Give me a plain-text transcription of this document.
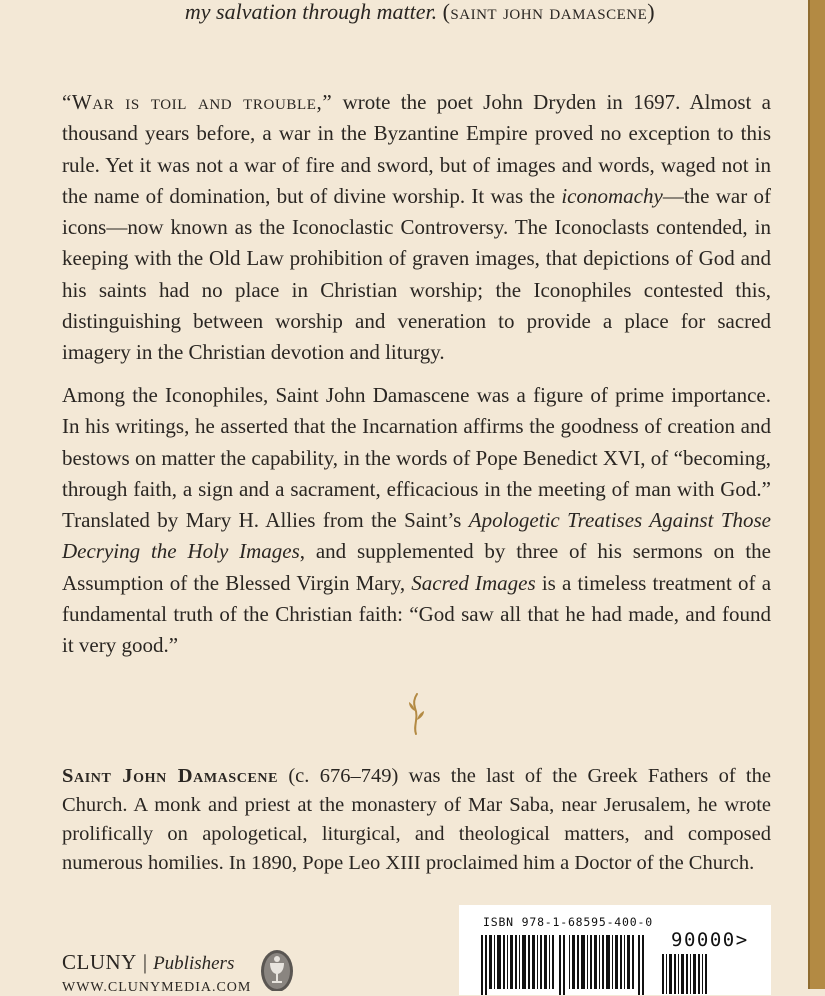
my salvation through matter. (saint john damascene)

“War is toil and trouble,” wrote the poet John Dryden in 1697. Almost a thousand years before, a war in the Byzantine Empire proved no exception to this rule. Yet it was not a war of fire and sword, but of images and words, waged not in the name of domination, but of divine worship. It was the iconomachy—the war of icons—now known as the Iconoclastic Controversy. The Iconoclasts contended, in keeping with the Old Law prohibition of graven images, that depictions of God and his saints had no place in Christian worship; the Iconophiles contested this, distinguishing between worship and veneration to provide a place for sacred imagery in the Christian devotion and liturgy.

Among the Iconophiles, Saint John Damascene was a figure of prime importance. In his writings, he asserted that the Incarnation affirms the goodness of creation and bestows on matter the capability, in the words of Pope Benedict XVI, of “becoming, through faith, a sign and a sacrament, efficacious in the meeting of man with God.” Translated by Mary H. Allies from the Saint’s Apologetic Treatises Against Those Decrying the Holy Images, and supplemented by three of his sermons on the Assumption of the Blessed Virgin Mary, Sacred Images is a timeless treatment of a fundamental truth of the Christian faith: “God saw all that he had made, and found it very good.”

Saint John Damascene (c. 676–749) was the last of the Greek Fathers of the Church. A monk and priest at the monastery of Mar Saba, near Jerusalem, he wrote prolifically on apologetical, liturgical, and theological matters, and composed numerous homilies. In 1890, Pope Leo XIII proclaimed him a Doctor of the Church.

CLUNY | Publishers
WWW.CLUNYMEDIA.COM
ISBN 978-1-68595-400-0
90000>
